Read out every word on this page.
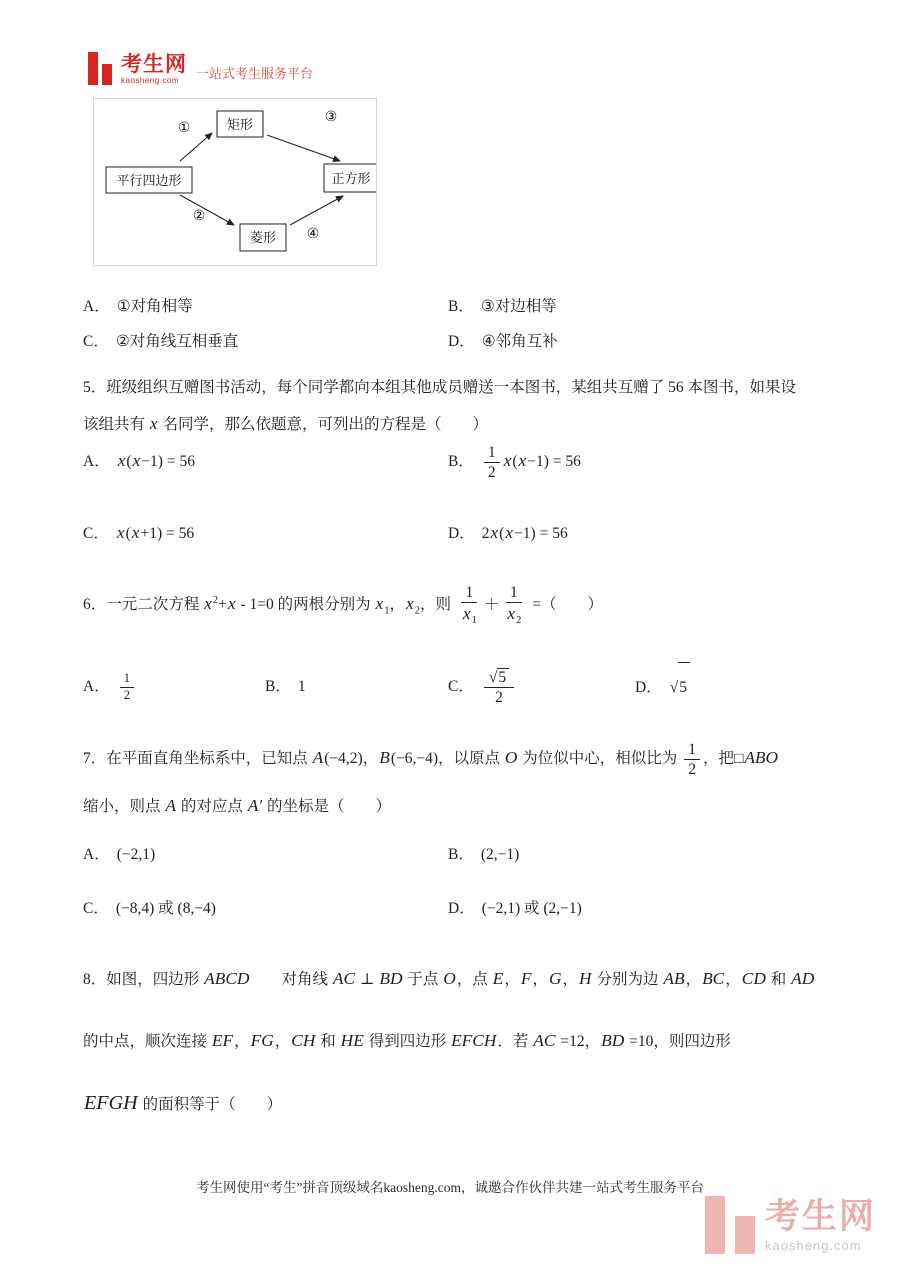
考生网
kaosheng.com	一站式考生服务平台
平行四边形
矩形
正方形
菱形
①
②
③
④
A． ①对角相等	B． ③对边相等
C． ②对角线互相垂直	D． ④邻角互补
5．班级组织互赠图书活动，每个同学都向本组其他成员赠送一本图书，某组共互赠了 56 本图书，如果设
该组共有 x 名同学，那么依题意，可列出的方程是（　　）
A． x(x−1) = 56	B． $\frac{1}{2} x(x-1) = 56$
C． x(x+1) = 56	D． 2x(x−1) = 56
6．一元二次方程 $x^2+x - 1=0$ 的两根分别为 $x_1$，$x_2$，则 $\frac{1}{x_1} + \frac{1}{x_2}$ =（　　）
A． $\frac{1}{2}$	B． 1	C． $\frac{√5}{2}$	D． √5
7．在平面直角坐标系中，已知点 A(−4,2)，B(−6,−4)，以原点 O 为位似中心，相似比为 $\frac{1}{2}$ ，把□ABO
缩小，则点 A 的对应点 A′ 的坐标是（　　）
A． (−2,1)	B． (2,−1)
C． (−8,4) 或 (8,−4)	D． (−2,1) 或 (2,−1)
8．如图，四边形 ABCD　　对角线 AC ⊥ BD 于点 O，点 E，F，G，H 分别为边 AB，BC，CD 和 AD
的中点，顺次连接 EF，FG，CH 和 HE 得到四边形 EFCH．若 AC =12，BD =10，则四边形
EFGH 的面积等于（　　）
考生网使用“考生”拼音顶级域名kaosheng.com，诚邀合作伙伴共建一站式考生服务平台
考生网
kaosheng.com
